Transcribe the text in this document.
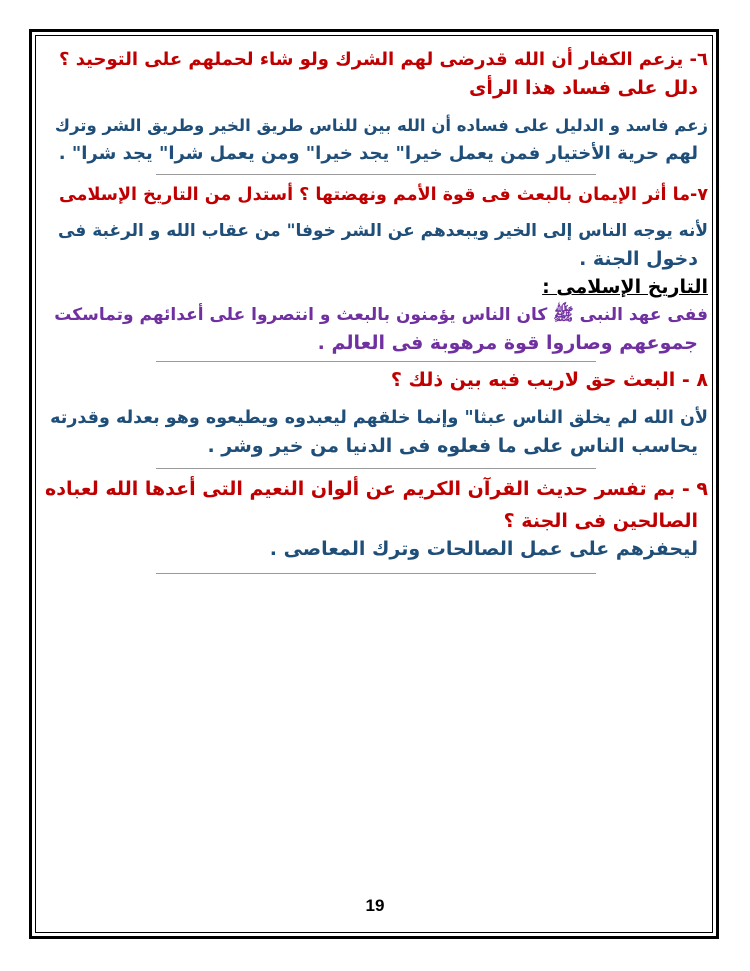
٦- يزعم الكفار أن الله قدرضى لهم الشرك ولو شاء لحملهم على التوحيد ؟

دلل على فساد هذا الرأى

زعم فاسد و الدليل على فساده أن الله بين للناس طريق الخير وطريق الشر وترك

لهم حرية الأختيار فمن يعمل خيرا" يجد خيرا" ومن يعمل شرا" يجد شرا" .

٧-ما أثر الإيمان بالبعث فى قوة الأمم ونهضتها ؟ أستدل من التاريخ الإسلامى

لأنه يوجه الناس إلى الخير ويبعدهم عن الشر خوفا" من عقاب الله و الرغبة فى

دخول الجنة .

التاريخ الإسلامى :

ففى عهد النبى ﷺ كان الناس يؤمنون بالبعث و انتصروا على أعدائهم وتماسكت

جموعهم وصاروا قوة مرهوبة فى العالم .

٨ - البعث حق لاريب فيه بين ذلك ؟

لأن الله لم يخلق الناس عبثا" وإنما خلقهم ليعبدوه ويطيعوه وهو بعدله وقدرته

يحاسب الناس على ما فعلوه فى الدنيا من خير وشر .

٩ - بم تفسر حديث القرآن الكريم عن ألوان النعيم التى أعدها الله لعباده

الصالحين فى الجنة ؟

ليحفزهم على عمل الصالحات وترك المعاصى .

19
